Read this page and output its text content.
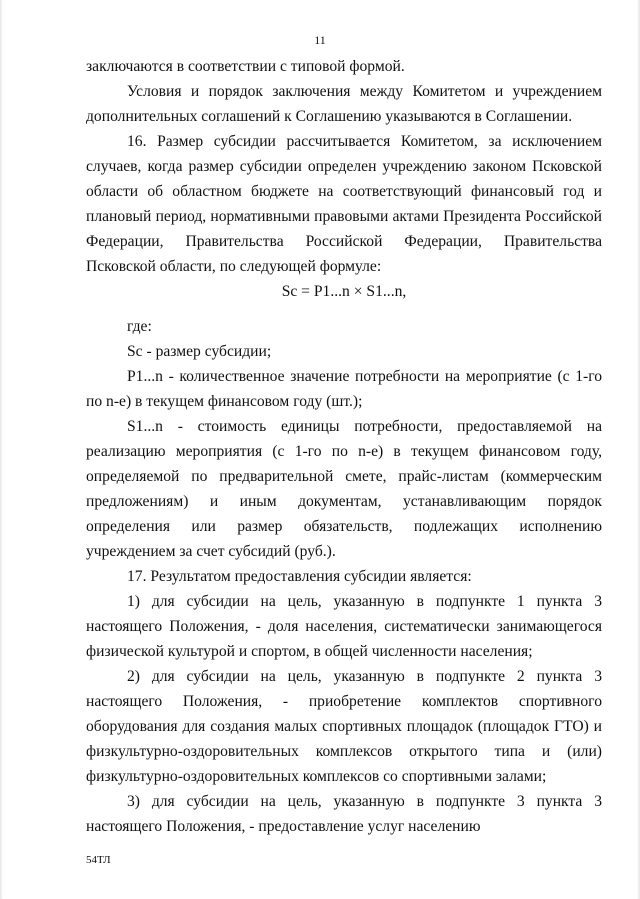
11

заключаются в соответствии с типовой формой.

Условия и порядок заключения между Комитетом и учреждением дополнительных соглашений к Соглашению указываются в Соглашении.

16. Размер субсидии рассчитывается Комитетом, за исключением случаев, когда размер субсидии определен учреждению законом Псковской области об областном бюджете на соответствующий финансовый год и плановый период, нормативными правовыми актами Президента Российской Федерации, Правительства Российской Федерации, Правительства Псковской области, по следующей формуле:

Sc = P1...n × S1...n,

где:

Sc - размер субсидии;

P1...n - количественное значение потребности на мероприятие (с 1-го по n-e) в текущем финансовом году (шт.);

S1...n - стоимость единицы потребности, предоставляемой на реализацию мероприятия (с 1-го по n-e) в текущем финансовом году, определяемой по предварительной смете, прайс-листам (коммерческим предложениям) и иным документам, устанавливающим порядок определения или размер обязательств, подлежащих исполнению учреждением за счет субсидий (руб.).

17. Результатом предоставления субсидии является:

1) для субсидии на цель, указанную в подпункте 1 пункта 3 настоящего Положения, - доля населения, систематически занимающегося физической культурой и спортом, в общей численности населения;

2) для субсидии на цель, указанную в подпункте 2 пункта 3 настоящего Положения, - приобретение комплектов спортивного оборудования для создания малых спортивных площадок (площадок ГТО) и физкультурно-оздоровительных комплексов открытого типа и (или) физкультурно-оздоровительных комплексов со спортивными залами;

3) для субсидии на цель, указанную в подпункте 3 пункта 3 настоящего Положения, - предоставление услуг населению

54ТЛ
